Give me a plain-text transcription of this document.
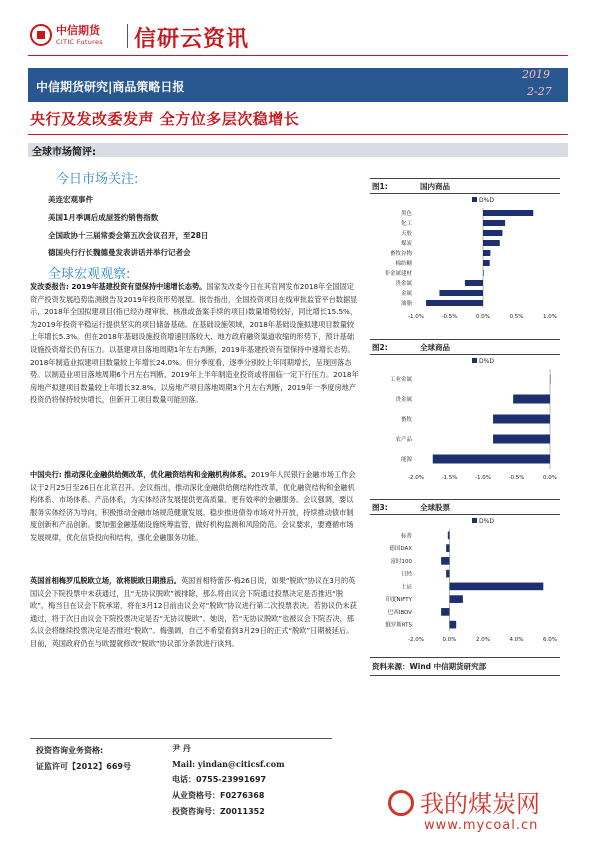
中信期货
CITIC Futures 信研云资讯
中信期货研究|商品策略日报
2019
2-27
央行及发改委发声 全方位多层次稳增长
全球市场简评:
今日市场关注:
美连宏观事件
美国1月季调后成屋签约销售指数
全国政协十三届常委会第五次会议召开，至28日
德国央行行长魏德曼发表讲话并举行记者会
全球宏观观察:

发改委报告: 2019年基建投资有望保持中速增长态势。国家发改委今日在其官网发布2018年全国固定资产投资发展趋势监测报告及2019年投资形势展望。报告指出，全国投资项目在线审批监管平台数据显示，2018年全国拟建项目(指已经办理审批、核准或备案手续的项目)数量增势较好，同比增长15.5%，为2019年投资平稳运行提供坚实的项目储备基础。在基础设施领域，2018年基础设施拟建项目数量较上年增长5.3%。但在2018年基础设施投资增速回落较大、地方政府融资渠道收缩的形势下，预计基础设施投资增长仍有压力。以基建项目落地周期1年左右判断，2019年基建投资有望保持中速增长态势。2018年制造业拟建项目数量较上年增长24.0%。但分季度看，逐季分别较上年同期增长，呈现回落态势。以制造业项目落地周期6个月左右判断，2019年上半年制造业投资或将面临一定下行压力。2018年房地产拟建项目数量较上年增长32.8%。以房地产项目落地周期3个月左右判断，2019年一季度房地产投资仍将保持较快增长，但新开工项目数量可能回落。

中国央行: 推动深化金融供给侧改革，优化融资结构和金融机构体系。2019年人民银行金融市场工作会议于2月25日至26日在北京召开。会议指出，推动深化金融供给侧结构性改革，优化融资结构和金融机构体系、市场体系、产品体系，为实体经济发展提供更高质量、更有效率的金融服务。会议强调，要以服务实体经济为导向，积极推动金融市场规范健康发展。稳步推进债券市场对外开放，持续推动债市制度创新和产品创新。要加强金融基础设施统筹监管，做好机构监测和风险防范。会议要求，要遵循市场发展规律，优化信贷投向和结构，强化金融服务功能。

英国首相梅罗瓜脱欧立场，欲将脱欧日期推后。英国首相特蕾莎·梅26日说，如果“脱欧”协议在3月的英国议会下院投票中未获通过，且“无协议脱欧”被排除，那么将由议会下院通过投票决定是否推迟“脱欧”。梅当日在议会下院承诺，将在3月12日前由议会对“脱欧”协议进行第二次投票表决。若协议仍未获通过，将于次日由议会下院投票决定是否“无协议脱欧”。她说，若“无协议脱欧”也被议会下院否决，那么议会将继续投票决定是否推迟“脱欧”。梅强调，自己不希望看到3月29日的正式“脱欧”日期被延后。目前，英国政府仍在与欧盟就修改“脱欧”协议部分条款进行谈判。

图1:	国内商品
D%D
黑色
化工
天胶
煤炭
畜牧谷物
棉纺糖
非金属建材
贵金属
金属
油脂
-1.0%	-0.5%	0.0%	0.5%	1.0%
图2:	全球商品
D%D
工业金属
贵金属
畜牧
农产品
能源
-2.0%	-1.5%	-1.0%	-0.5%	0.0%
图3:	全球股票
D%D
标普
德国DAX
富时100
日经
上证
印度NIFTY
巴西IBOV
俄罗斯RTS
-2.0%	0.0%	2.0%	4.0%	6.0%
资料来源：Wind 中信期货研究部
投资咨询业务资格:
证监许可【2012】669号
尹 丹
Mail: yindan@citicsf.com
电话：0755-23991697
从业资格号：F0276368
投资咨询号：Z0011352	我的煤炭网
www.mycoal.cn
